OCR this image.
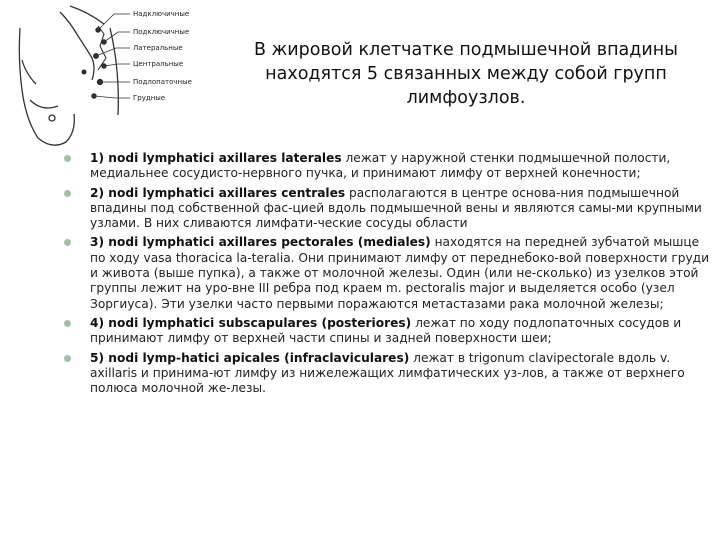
Надключичные
Подключичные
Латеральные
Центральные
Подлопаточные
Грудные
В жировой клетчатке подмышечной впадины находятся 5 связанных между собой групп лимфоузлов.
1) nodi lymphatici axillares laterales лежат у наружной стенки подмышечной полости, медиальнее сосудисто-нервного пучка, и принимают лимфу от верхней конечности;
2) nodi lymphatici axillares centrales располагаются в центре основа-ния подмышечной впадины под собственной фас-цией вдоль подмышечной вены и являются самы-ми крупными узлами. В них сливаются лимфати-ческие сосуды области
3) nodi lymphatici axillares pectorales (mediales) находятся на передней зубчатой мышце по ходу vasa thoracica la-teralia. Они принимают лимфу от переднебоко-вой поверхности груди и живота (выше пупка), а также от молочной железы. Один (или не-сколько) из узелков этой группы лежит на уро-вне III ребра под краем m. pectoralis major и выделяется особо (узел Зоргиуса). Эти узелки часто первыми поражаются метастазами рака молочной железы;
4) nodi lymphatici subscapulares (posteriores) лежат по ходу подлопаточных сосудов и принимают лимфу от верхней части спины и задней поверхности шеи;
5) nodi lymp-hatici apicales (infraclaviculares) лежат в trigonum clavipectorale вдоль v. axillaris и принима-ют лимфу из нижележащих лимфатических уз-лов, а также от верхнего полюса молочной же-лезы.
